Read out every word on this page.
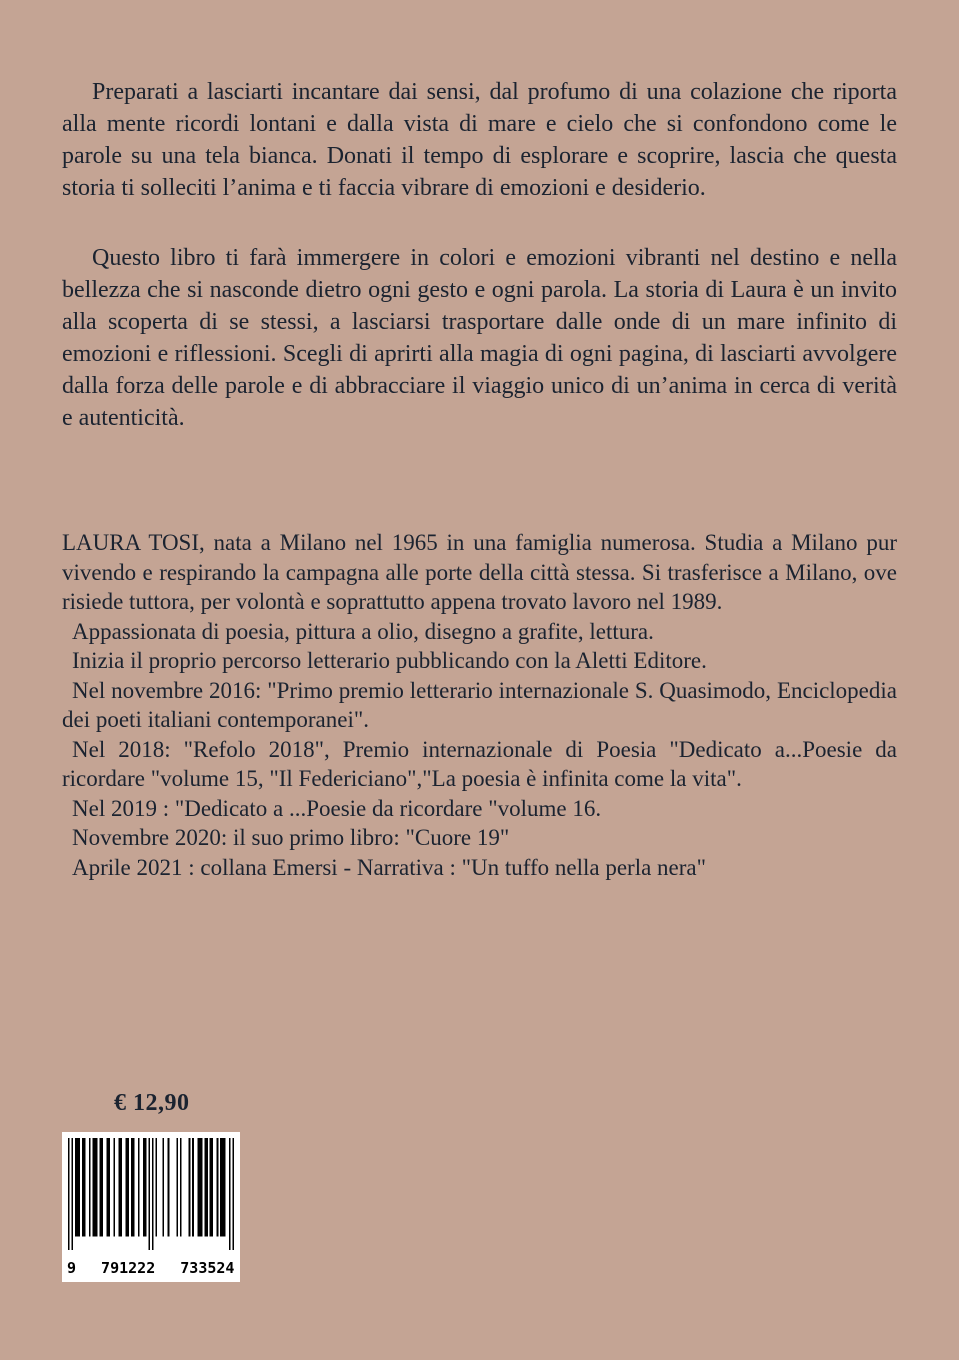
Preparati a lasciarti incantare dai sensi, dal profumo di una colazione che riporta alla mente ricordi lontani e dalla vista di mare e cielo che si confondono come le parole su una tela bianca. Donati il tempo di esplorare e scoprire, lascia che questa storia ti solleciti l’anima e ti faccia vibrare di emozioni e desiderio.

Questo libro ti farà immergere in colori e emozioni vibranti nel destino e nella bellezza che si nasconde dietro ogni gesto e ogni parola. La storia di Laura è un invito alla scoperta di se stessi, a lasciarsi trasportare dalle onde di un mare infinito di emozioni e riflessioni. Scegli di aprirti alla magia di ogni pagina, di lasciarti avvolgere dalla forza delle parole e di abbracciare il viaggio unico di un’anima in cerca di verità e autenticità.

LAURA TOSI, nata a Milano nel 1965 in una famiglia numerosa. Studia a Milano pur vivendo e respirando la campagna alle porte della città stessa. Si trasferisce a Milano, ove risiede tuttora, per volontà e soprattutto appena trovato lavoro nel 1989.

Appassionata di poesia, pittura a olio, disegno a grafite, lettura.

Inizia il proprio percorso letterario pubblicando con la Aletti Editore.

Nel novembre 2016: "Primo premio letterario internazionale S. Quasimodo, Enciclopedia dei poeti italiani contemporanei".

Nel 2018: "Refolo 2018", Premio internazionale di Poesia "Dedicato a...Poesie da ricordare "volume 15, "Il Federiciano","La poesia è infinita come la vita".

Nel 2019 : "Dedicato a ...Poesie da ricordare "volume 16.

Novembre 2020: il suo primo libro: "Cuore 19"

Aprile 2021 : collana Emersi - Narrativa : "Un tuffo nella perla nera"

€ 12,90
9 791222 733524
